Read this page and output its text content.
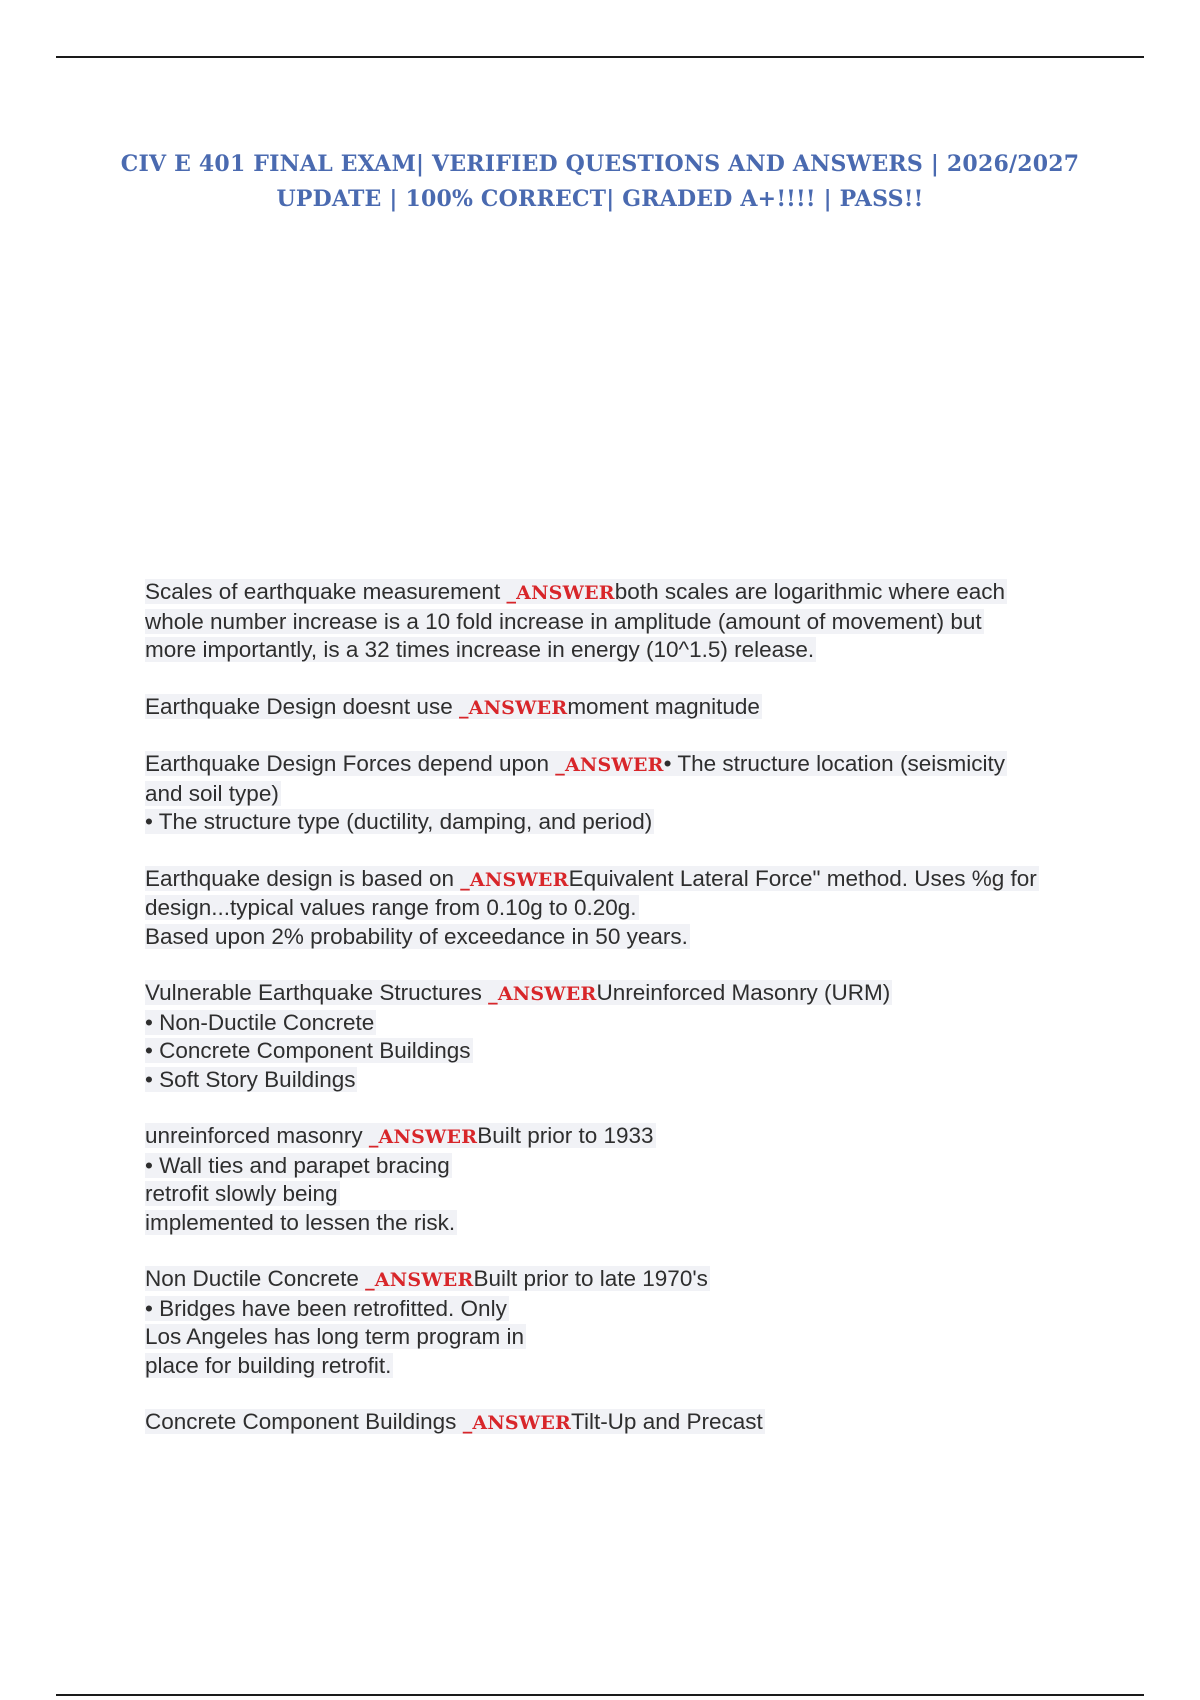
CIV E 401 FINAL EXAM| VERIFIED QUESTIONS AND ANSWERS | 2026/2027
UPDATE | 100% CORRECT| GRADED A+!!!! | PASS!!
Scales of earthquake measurement _ANSWERboth scales are logarithmic where each
whole number increase is a 10 fold increase in amplitude (amount of movement) but
more importantly, is a 32 times increase in energy (10^1.5) release.
Earthquake Design doesnt use _ANSWERmoment magnitude
Earthquake Design Forces depend upon _ANSWER• The structure location (seismicity
and soil type)
• The structure type (ductility, damping, and period)
Earthquake design is based on _ANSWEREquivalent Lateral Force" method. Uses %g for
design...typical values range from 0.10g to 0.20g.
Based upon 2% probability of exceedance in 50 years.
Vulnerable Earthquake Structures _ANSWERUnreinforced Masonry (URM)
• Non-Ductile Concrete
• Concrete Component Buildings
• Soft Story Buildings
unreinforced masonry _ANSWERBuilt prior to 1933
• Wall ties and parapet bracing
retrofit slowly being
implemented to lessen the risk.
Non Ductile Concrete _ANSWERBuilt prior to late 1970's
• Bridges have been retrofitted. Only
Los Angeles has long term program in
place for building retrofit.
Concrete Component Buildings _ANSWERTilt-Up and Precast
